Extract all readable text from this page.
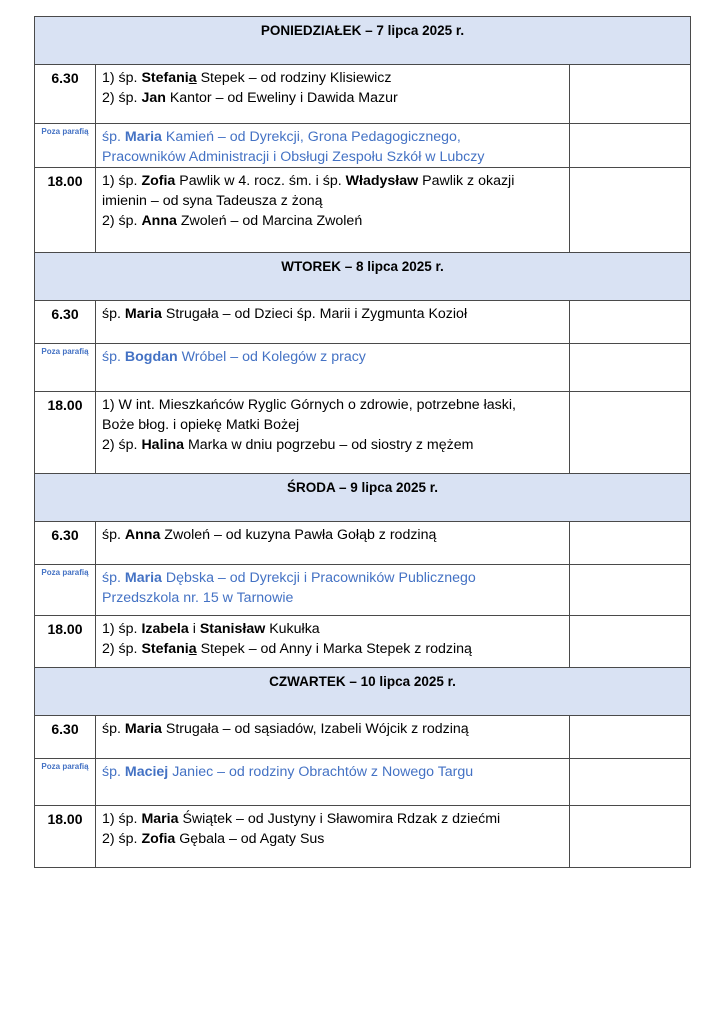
PONIEDZIAŁEK – 7 lipca 2025 r.		

6.30	1) śp. Stefania Stepek – od rodziny Klisiewicz
2) śp. Jan Kantor – od Eweliny i Dawida Mazur	

Poza parafią	śp. Maria Kamień – od Dyrekcji, Grona Pedagogicznego,
Pracowników Administracji i Obsługi Zespołu Szkół w Lubczy	

18.00	1) śp. Zofia Pawlik w 4. rocz. śm. i śp. Władysław Pawlik z okazji
imienin – od syna Tadeusza z żoną
2) śp. Anna Zwoleń – od Marcina Zwoleń	

WTOREK – 8 lipca 2025 r.		

6.30	śp. Maria Strugała – od Dzieci śp. Marii i Zygmunta Kozioł	

Poza parafią	śp. Bogdan Wróbel – od Kolegów z pracy	

18.00	1) W int. Mieszkańców Ryglic Górnych o zdrowie, potrzebne łaski,
Boże błog. i opiekę Matki Bożej
2) śp. Halina Marka w dniu pogrzebu – od siostry z mężem	

ŚRODA – 9 lipca 2025 r.		

6.30	śp. Anna Zwoleń – od kuzyna Pawła Gołąb z rodziną	

Poza parafią	śp. Maria Dębska – od Dyrekcji i Pracowników Publicznego
Przedszkola nr. 15 w Tarnowie	

18.00	1) śp. Izabela i Stanisław Kukułka
2) śp. Stefania Stepek – od Anny i Marka Stepek z rodziną	

CZWARTEK – 10 lipca 2025 r.		

6.30	śp. Maria Strugała – od sąsiadów, Izabeli Wójcik z rodziną	

Poza parafią	śp. Maciej Janiec – od rodziny Obrachtów z Nowego Targu	

18.00	1) śp. Maria Świątek – od Justyny i Sławomira Rdzak z dziećmi
2) śp. Zofia Gębala – od Agaty Sus	
